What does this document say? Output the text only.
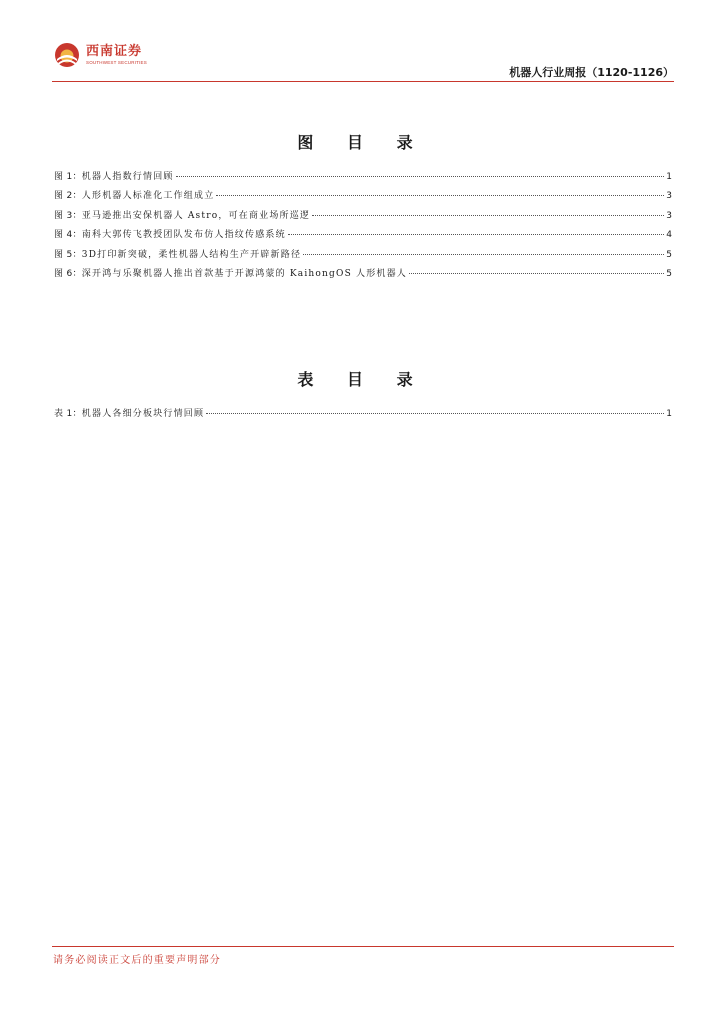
西南证券
SOUTHWEST SECURITIES
机器人行业周报（1120-1126）
图 目 录
图 1： 机器人指数行情回顾	1
图 2： 人形机器人标准化工作组成立	3
图 3： 亚马逊推出安保机器人 Astro，可在商业场所巡逻	3
图 4： 南科大郭传飞教授团队发布仿人指纹传感系统	4
图 5： 3D打印新突破，柔性机器人结构生产开辟新路径	5
图 6： 深开鸿与乐聚机器人推出首款基于开源鸿蒙的 KaihongOS 人形机器人	5
表 目 录
表 1： 机器人各细分板块行情回顾	1
请务必阅读正文后的重要声明部分
